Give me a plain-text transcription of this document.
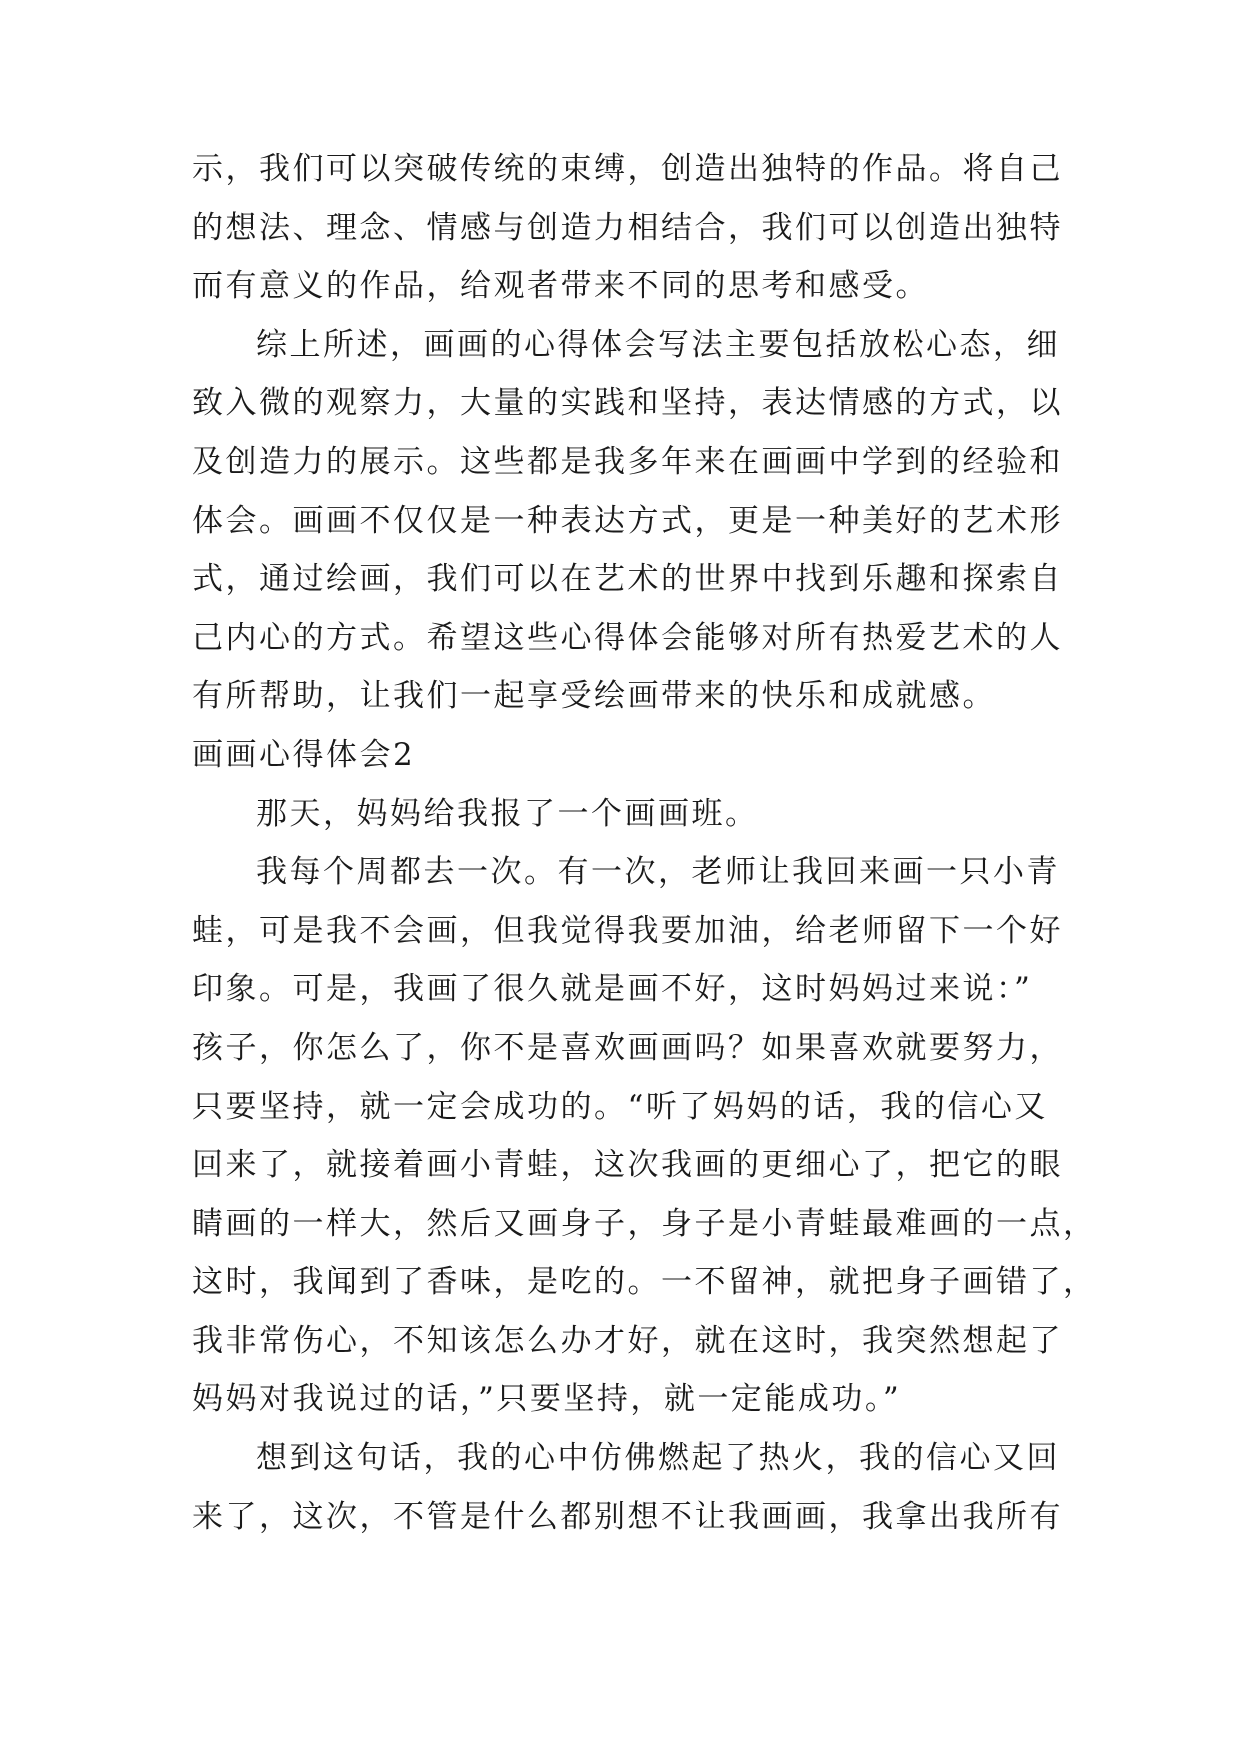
示，我们可以突破传统的束缚，创造出独特的作品。将自己
的想法、理念、情感与创造力相结合，我们可以创造出独特
而有意义的作品，给观者带来不同的思考和感受。
综上所述，画画的心得体会写法主要包括放松心态，细
致入微的观察力，大量的实践和坚持，表达情感的方式，以
及创造力的展示。这些都是我多年来在画画中学到的经验和
体会。画画不仅仅是一种表达方式，更是一种美好的艺术形
式，通过绘画，我们可以在艺术的世界中找到乐趣和探索自
己内心的方式。希望这些心得体会能够对所有热爱艺术的人
有所帮助，让我们一起享受绘画带来的快乐和成就感。
画画心得体会2
那天，妈妈给我报了一个画画班。
我每个周都去一次。有一次，老师让我回来画一只小青
蛙，可是我不会画，但我觉得我要加油，给老师留下一个好
印象。可是，我画了很久就是画不好，这时妈妈过来说：”
孩子，你怎么了，你不是喜欢画画吗？如果喜欢就要努力，
只要坚持，就一定会成功的。“听了妈妈的话，我的信心又
回来了，就接着画小青蛙，这次我画的更细心了，把它的眼
睛画的一样大，然后又画身子，身子是小青蛙最难画的一点，
这时，我闻到了香味，是吃的。一不留神，就把身子画错了，
我非常伤心，不知该怎么办才好，就在这时，我突然想起了
妈妈对我说过的话，”只要坚持，就一定能成功。”
想到这句话，我的心中仿佛燃起了热火，我的信心又回
来了，这次，不管是什么都别想不让我画画，我拿出我所有
